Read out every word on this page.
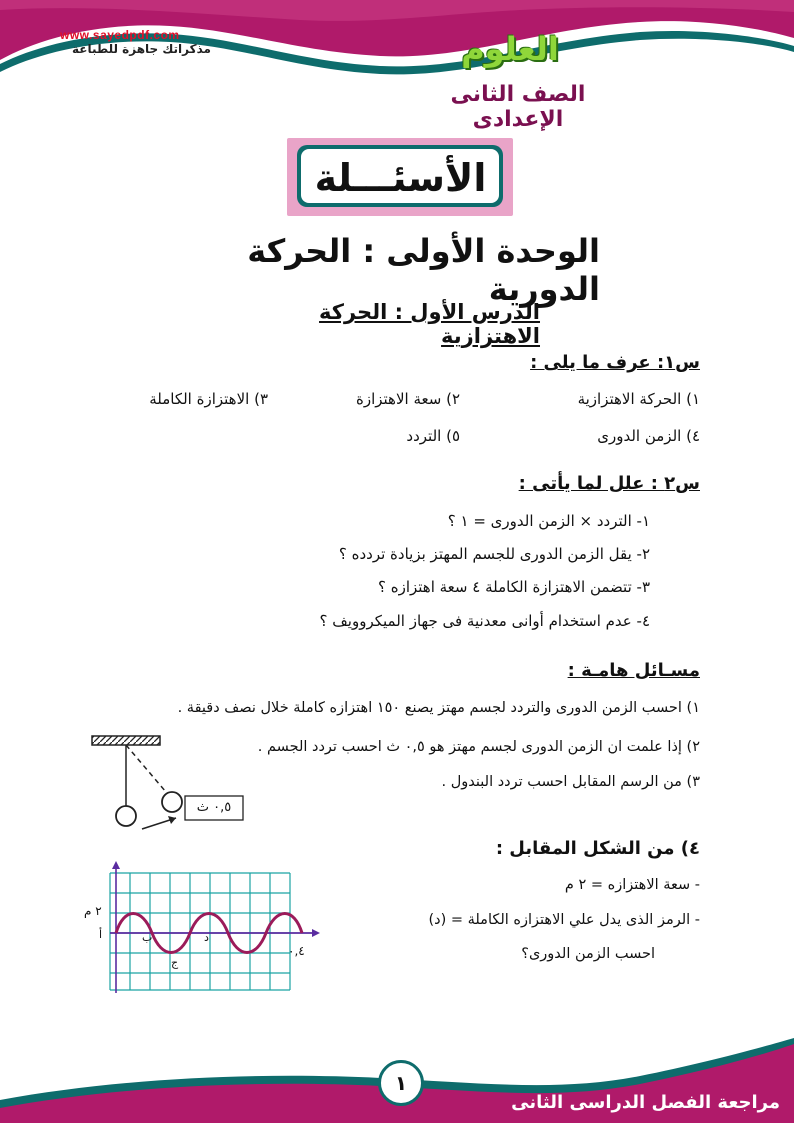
www.sayedpdf.com
مذكراتك جاهزة للطباعة	العلوم
الصف الثانى الإعدادى
الأسئـــلة
الوحدة الأولى : الحركة الدورية
الدرس الأول : الحركة الاهتزازية
س١: عرف ما يلى :
١) الحركة الاهتزازية
٢) سعة الاهتزازة
٣) الاهتزازة الكاملة
٤) الزمن الدورى
٥) التردد
س٢ : علل لما يأتى :
١- التردد × الزمن الدورى = ١ ؟
٢- يقل الزمن الدورى للجسم المهتز بزيادة تردده ؟
٣- تتضمن الاهتزازة الكاملة ٤ سعة اهتزازه ؟
٤- عدم استخدام أوانى معدنية فى جهاز الميكروويف ؟
مسـائل هامـة :
١) احسب الزمن الدورى والتردد لجسم مهتز يصنع ١٥٠ اهتزازه كاملة خلال نصف دقيقة .
٢) إذا علمت ان الزمن الدورى لجسم مهتز هو ٠,٥ ث احسب تردد الجسم .
٣) من الرسم المقابل احسب تردد البندول .
٠,٥ ث
٤) من الشكل المقابل :
- سعة الاهتزازه = ٢ م
- الرمز الذى يدل علي الاهتزازه الكاملة = (د)
احسب الزمن الدورى؟
٢ م
٠,٤
أ	ب
ج
د
١
مراجعة الفصل الدراسى الثانى
